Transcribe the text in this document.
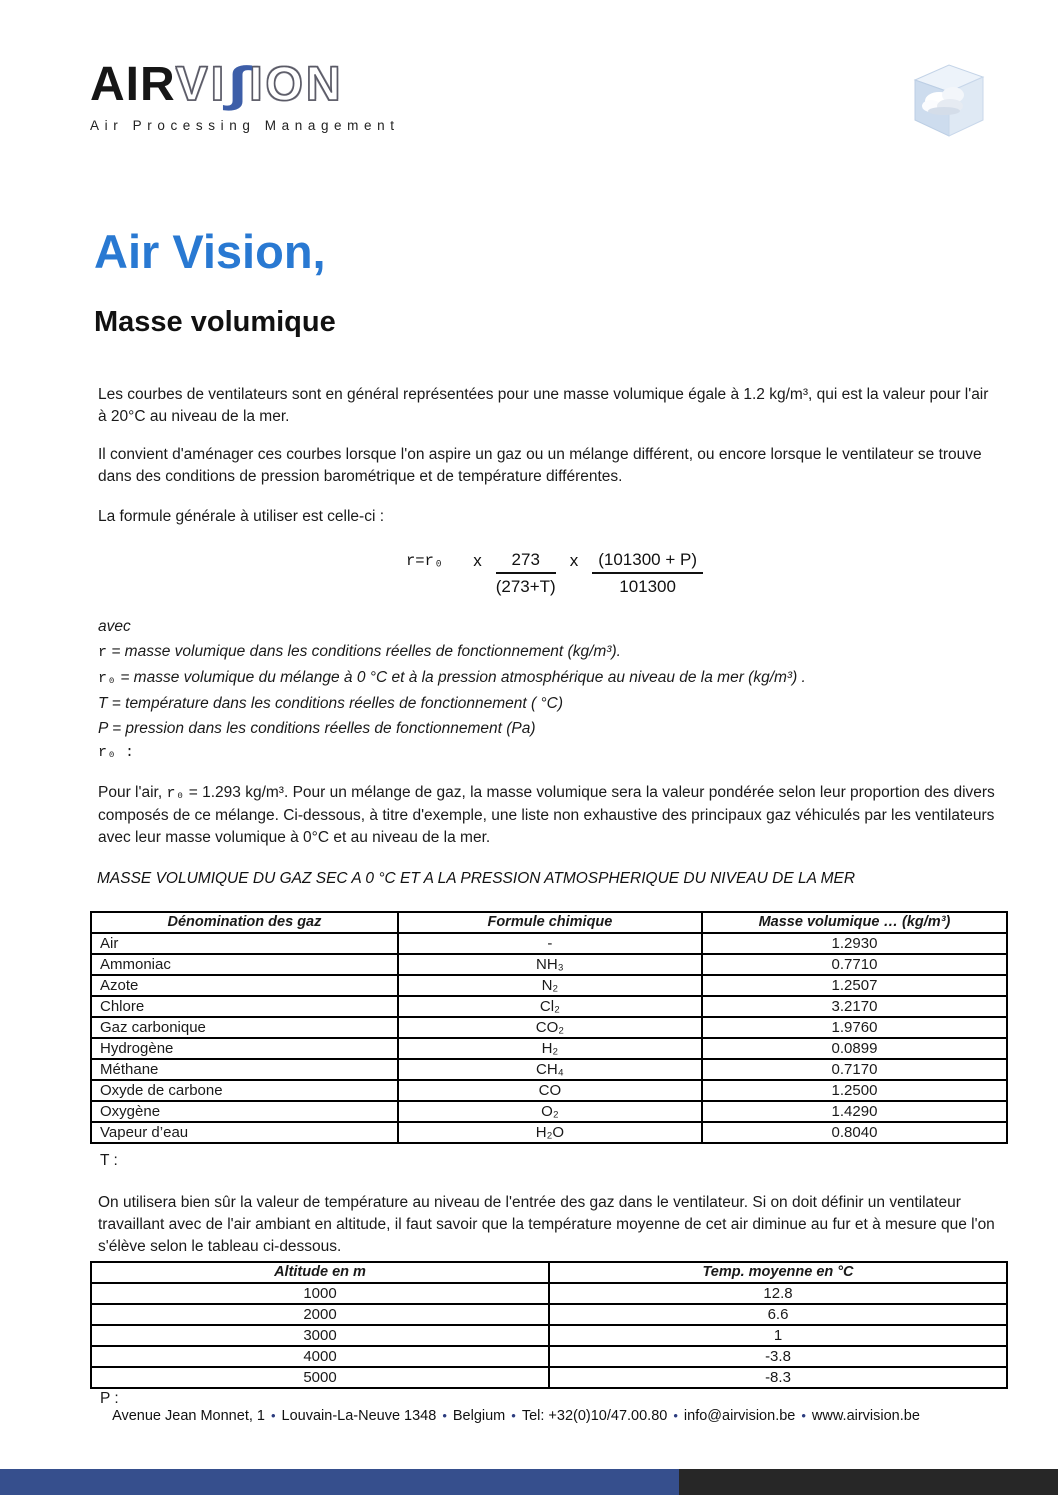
AIRVI∫ION
Air Processing Management
Air Vision,
Masse volumique

Les courbes de ventilateurs sont en général représentées pour une masse volumique égale à 1.2 kg/m³, qui est la valeur pour l'air à 20°C au niveau de la mer.

Il convient d'aménager ces courbes lorsque l'on aspire un gaz ou un mélange différent, ou encore lorsque le ventilateur se trouve dans des conditions de pression barométrique et de température différentes.

La formule générale à utiliser est celle-ci :

r=r₀ x $\frac{273}{(273+T)}$ x $\frac{(101300 + P)}{101300}$
avec
r = masse volumique dans les conditions réelles de fonctionnement (kg/m³).
r₀ = masse volumique du mélange à 0 °C et à la pression atmosphérique au niveau de la mer (kg/m³) .
T = température dans les conditions réelles de fonctionnement ( °C)
P = pression dans les conditions réelles de fonctionnement (Pa)
r₀ :

Pour l'air, r₀ = 1.293 kg/m³. Pour un mélange de gaz, la masse volumique sera la valeur pondérée selon leur proportion des divers composés de ce mélange. Ci-dessous, à titre d'exemple, une liste non exhaustive des principaux gaz véhiculés par les ventilateurs avec leur masse volumique à 0°C et au niveau de la mer.

MASSE VOLUMIQUE DU GAZ SEC A 0 °C ET A LA PRESSION ATMOSPHERIQUE DU NIVEAU DE LA MER
Dénomination des gaz	Formule chimique	Masse volumique … (kg/m³)
Air	-	1.2930
Ammoniac	NH₃	0.7710
Azote	N₂	1.2507
Chlore	Cl₂	3.2170
Gaz carbonique	CO₂	1.9760
Hydrogène	H₂	0.0899
Méthane	CH₄	0.7170
Oxyde de carbone	CO	1.2500
Oxygène	O₂	1.4290
Vapeur d’eau	H₂O	0.8040
T :

On utilisera bien sûr la valeur de température au niveau de l'entrée des gaz dans le ventilateur. Si on doit définir un ventilateur travaillant avec de l'air ambiant en altitude, il faut savoir que la température moyenne de cet air diminue au fur et à mesure que l'on s'élève selon le tableau ci-dessous.

Altitude en m	Temp. moyenne en °C
1000	12.8
2000	6.6
3000	1
4000	-3.8
5000	-8.3
P :
Avenue Jean Monnet, 1 • Louvain-La-Neuve 1348 • Belgium • Tel: +32(0)10/47.00.80 • info@airvision.be • www.airvision.be
